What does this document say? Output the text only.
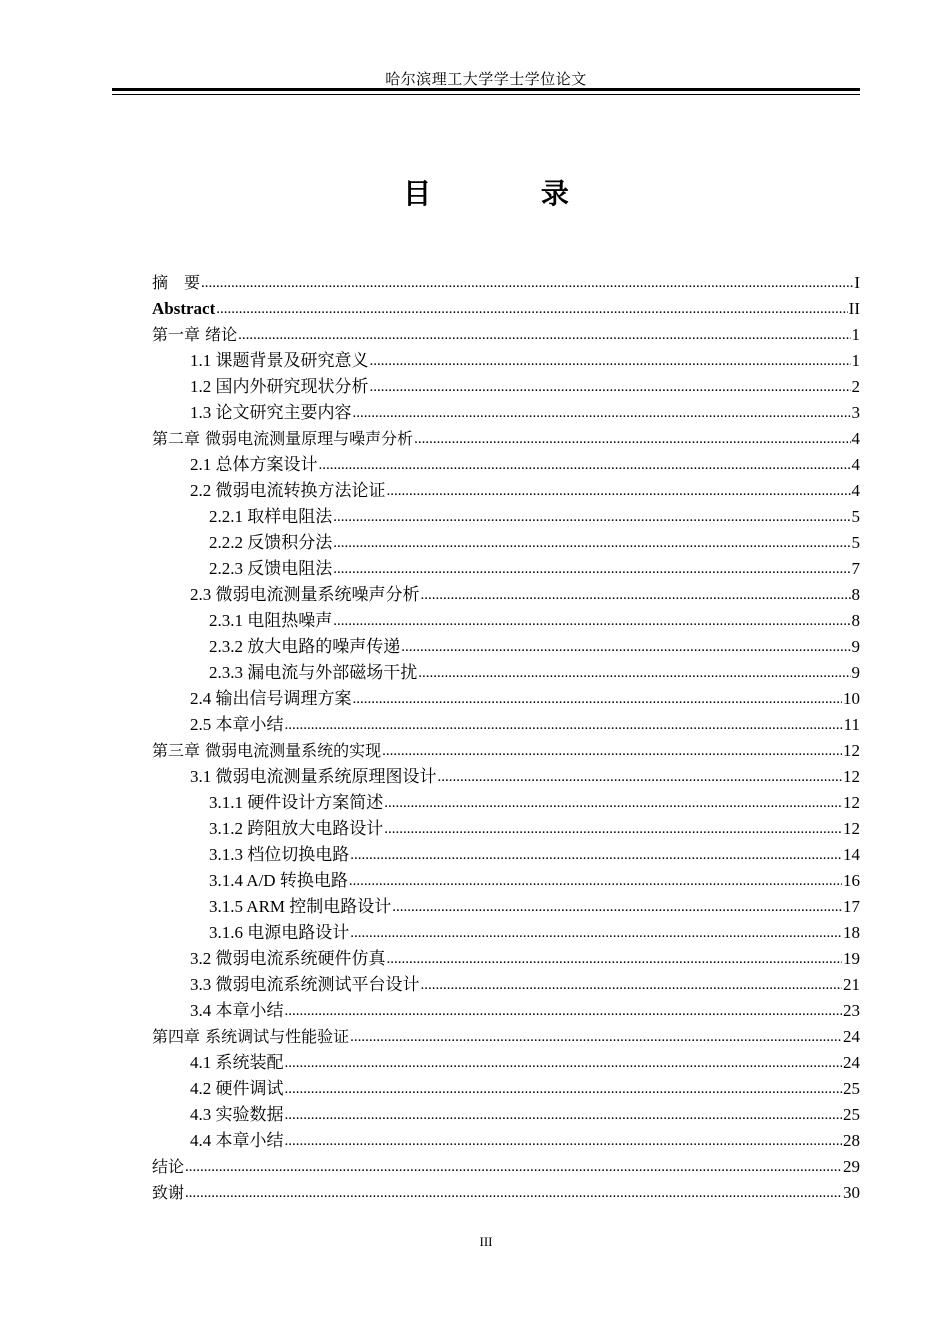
哈尔滨理工大学学士学位论文
目 录
摘　要 .....	I
Abstract .....	II
第一章 绪论 .....	1
1.1 课题背景及研究意义 .....	1
1.2 国内外研究现状分析 .....	2
1.3 论文研究主要内容 .....	3
第二章 微弱电流测量原理与噪声分析 .....	4
2.1 总体方案设计 .....	4
2.2 微弱电流转换方法论证 .....	4
2.2.1 取样电阻法 .....	5
2.2.2 反馈积分法 .....	5
2.2.3 反馈电阻法 .....	7
2.3 微弱电流测量系统噪声分析 .....	8
2.3.1 电阻热噪声 .....	8
2.3.2 放大电路的噪声传递 .....	9
2.3.3 漏电流与外部磁场干扰 .....	9
2.4 输出信号调理方案 .....	10
2.5 本章小结 .....	11
第三章 微弱电流测量系统的实现 .....	12
3.1 微弱电流测量系统原理图设计 .....	12
3.1.1 硬件设计方案简述 .....	12
3.1.2 跨阻放大电路设计 .....	12
3.1.3 档位切换电路 .....	14
3.1.4 A/D 转换电路 .....	16
3.1.5 ARM 控制电路设计 .....	17
3.1.6 电源电路设计 .....	18
3.2 微弱电流系统硬件仿真 .....	19
3.3 微弱电流系统测试平台设计 .....	21
3.4 本章小结 .....	23
第四章 系统调试与性能验证 .....	24
4.1 系统装配 .....	24
4.2 硬件调试 .....	25
4.3 实验数据 .....	25
4.4 本章小结 .....	28
结论 .....	29
致谢 .....	30
III
